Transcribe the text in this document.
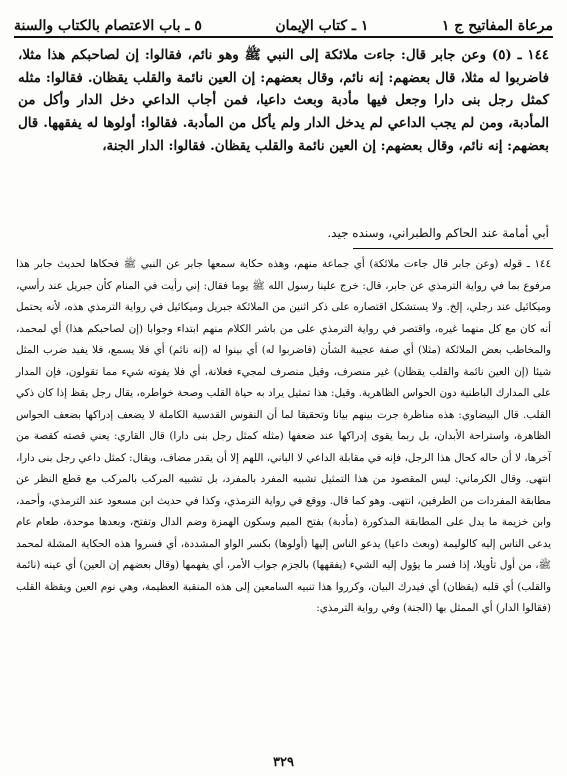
مرعاة المفاتيح ج ١
١ ـ كتاب الإيمان
٥ ـ باب الاعتصام بالكتاب والسنة

١٤٤ ـ (٥) وعن جابر قال: جاءت ملائكة إلى النبي ﷺ وهو نائم، فقالوا: إن لصاحبكم هذا مثلا، فاضربوا له مثلا، قال بعضهم: إنه نائم، وقال بعضهم: إن العين نائمة والقلب يقظان. فقالوا: مثله كمثل رجل بنى دارا وجعل فيها مأدبة وبعث داعيا، فمن أجاب الداعي دخل الدار وأكل من المأدبة، ومن لم يجب الداعي لم يدخل الدار ولم يأكل من المأدبة. فقالوا: أولوها له يفقهها. قال بعضهم: إنه نائم، وقال بعضهم: إن العين نائمة والقلب يقظان. فقالوا: الدار الجنة،

أبي أمامة عند الحاكم والطبراني، وسنده جيد.

١٤٤ ـ قوله (وعن جابر قال جاءت ملائكة) أي جماعة منهم، وهذه حكاية سمعها جابر عن النبي ﷺ فحكاها لحديث جابر هذا مرفوع بما في رواية الترمذي عن جابر، قال: خرج علينا رسول الله ﷺ يوما فقال: إني رأيت في المنام كأن جبريل عند رأسي، وميكائيل عند رجلي، إلخ. ولا يستشكل اقتصاره على ذكر اثنين من الملائكة جبريل وميكائيل في رواية الترمذي هذه، لأنه يحتمل أنه كان مع كل منهما غيره، واقتصر في رواية الترمذي على من باشر الكلام منهم ابتداء وجوابا (إن لصاحبكم هذا) أي لمحمد، والمخاطب بعض الملائكة (مثلا) أي صفة عجيبة الشأن (فاضربوا له) أي بينوا له (إنه نائم) أي فلا يسمع، فلا يفيد ضرب المثل شيئا (إن العين نائمة والقلب يقظان) غير منصرف، وقيل منصرف لمجيء فعلانة، أي فلا يفوته شيء مما تقولون، فإن المدار على المدارك الباطنية دون الحواس الظاهرية. وقيل: هذا تمثيل يراد به حياة القلب وصحة خواطره، يقال رجل يقظ إذا كان ذكي القلب. قال البيضاوي: هذه مناظرة جرت بينهم بيانا وتحقيقا لما أن النفوس القدسية الكاملة لا يضعف إدراكها بضعف الحواس الظاهرة، واستراحة الأبدان، بل ربما يقوى إدراكها عند ضعفها (مثله كمثل رجل بنى دارا) قال القاري: يعني قصته كقصة من آخرها، لا أن حاله كحال هذا الرجل، فإنه في مقابلة الداعي لا الباني، اللهم إلا أن يقدر مضاف، ويقال: كمثل داعي رجل بنى دارا، انتهى. وقال الكرماني: ليس المقصود من هذا التمثيل تشبيه المفرد بالمفرد، بل تشبيه المركب بالمركب مع قطع النظر عن مطابقة المفردات من الطرفين، انتهى. وهو كما قال. ووقع في رواية الترمذي، وكذا في حديث ابن مسعود عند الترمذي، وأحمد، وابن خزيمة ما يدل على المطابقة المذكورة (مأدبة) بفتح الميم وسكون الهمزة وضم الدال وتفتح، وبعدها موحدة، طعام عام يدعى الناس إليه كالوليمة (وبعث داعيا) يدعو الناس إليها (أولوها) بكسر الواو المشددة، أي فسروا هذه الحكاية المشلة لمحمد ﷺ، من أول تأويلا، إذا فسر ما يؤول إليه الشيء (يفقهها) بالجزم جواب الأمر، أي يفهمها (وقال بعضهم إن العين) أي عينه (نائمة والقلب) أي قلبه (يقظان) أي فيدرك البيان، وكرروا هذا تنبيه السامعين إلى هذه المنقبة العظيمة، وهي نوم العين ويقظة القلب (فقالوا الدار) أي الممثل بها (الجنة) وفي رواية الترمذي:

٣٢٩
